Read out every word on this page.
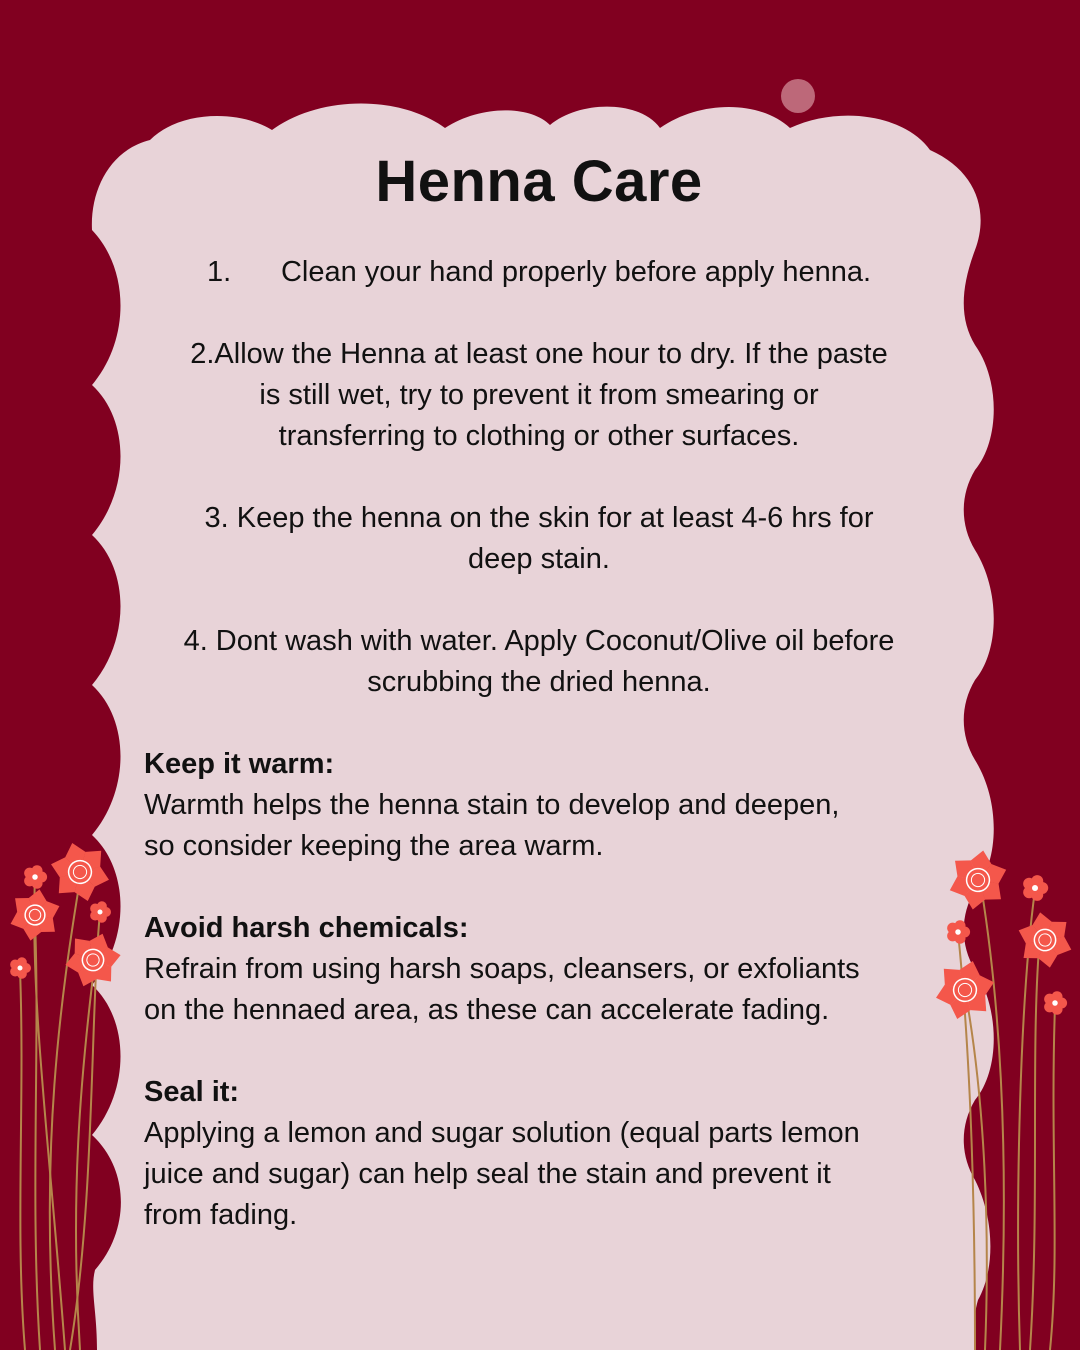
Henna Care
1.	Clean your hand properly before apply henna.

2.Allow the Henna at least one hour to dry. If the paste

is still wet, try to prevent it from smearing or

transferring to clothing or other surfaces.

3. Keep the henna on the skin for at least 4-6 hrs for

deep stain.

4. Dont wash with water. Apply Coconut/Olive oil before

scrubbing the dried henna.

Keep it warm:

Warmth helps the henna stain to develop and deepen,

so consider keeping the area warm.

Avoid harsh chemicals:

Refrain from using harsh soaps, cleansers, or exfoliants

on the hennaed area, as these can accelerate fading.

Seal it:

Applying a lemon and sugar solution (equal parts lemon

juice and sugar) can help seal the stain and prevent it

from fading.
